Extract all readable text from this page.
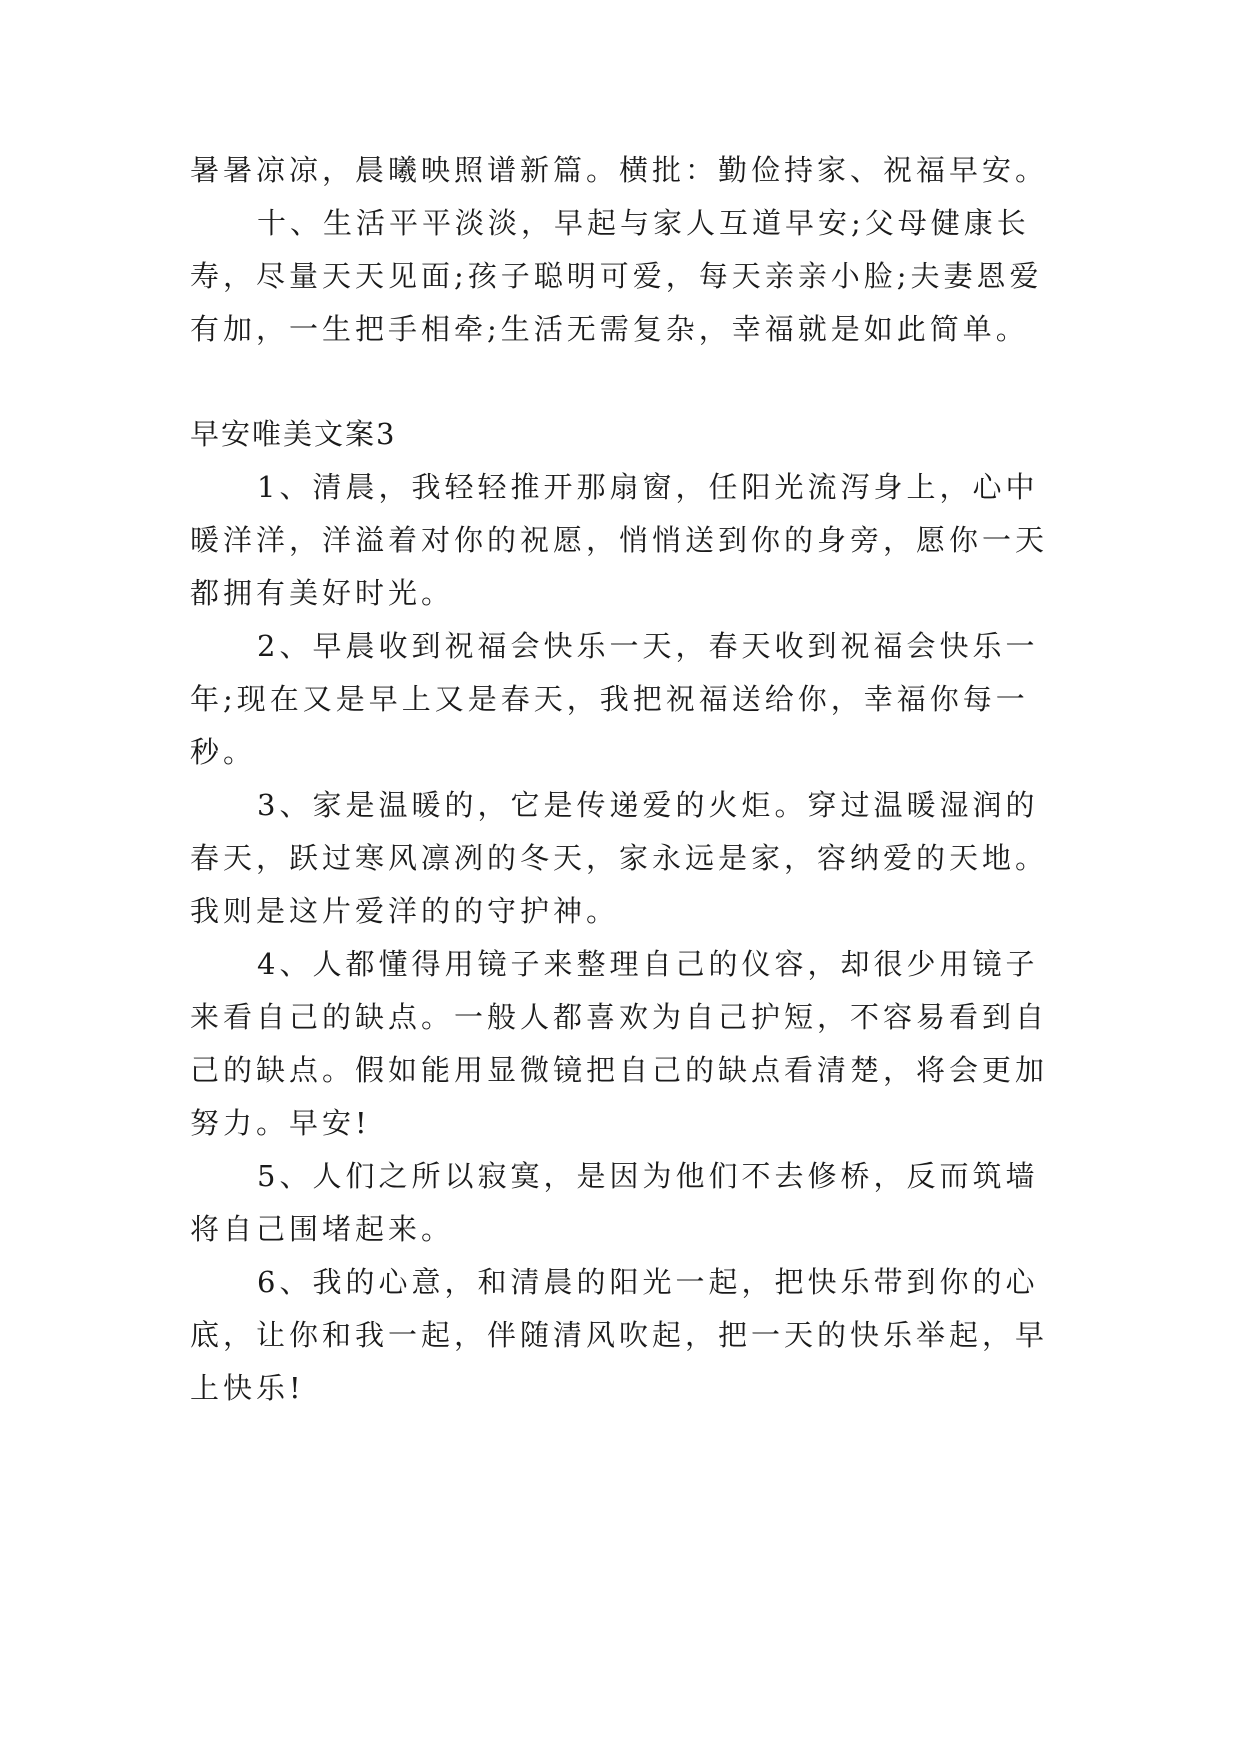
暑暑凉凉，晨曦映照谱新篇。横批：勤俭持家、祝福早安。
十、生活平平淡淡，早起与家人互道早安;父母健康长
寿，尽量天天见面;孩子聪明可爱，每天亲亲小脸;夫妻恩爱
有加，一生把手相牵;生活无需复杂，幸福就是如此简单。
早安唯美文案3
1、清晨，我轻轻推开那扇窗，任阳光流泻身上，心中
暖洋洋，洋溢着对你的祝愿，悄悄送到你的身旁，愿你一天
都拥有美好时光。
2、早晨收到祝福会快乐一天，春天收到祝福会快乐一
年;现在又是早上又是春天，我把祝福送给你，幸福你每一
秒。
3、家是温暖的，它是传递爱的火炬。穿过温暖湿润的
春天，跃过寒风凛冽的冬天，家永远是家，容纳爱的天地。
我则是这片爱洋的的守护神。
4、人都懂得用镜子来整理自己的仪容，却很少用镜子
来看自己的缺点。一般人都喜欢为自己护短，不容易看到自
己的缺点。假如能用显微镜把自己的缺点看清楚，将会更加
努力。早安!
5、人们之所以寂寞，是因为他们不去修桥，反而筑墙
将自己围堵起来。
6、我的心意，和清晨的阳光一起，把快乐带到你的心
底，让你和我一起，伴随清风吹起，把一天的快乐举起，早
上快乐!
